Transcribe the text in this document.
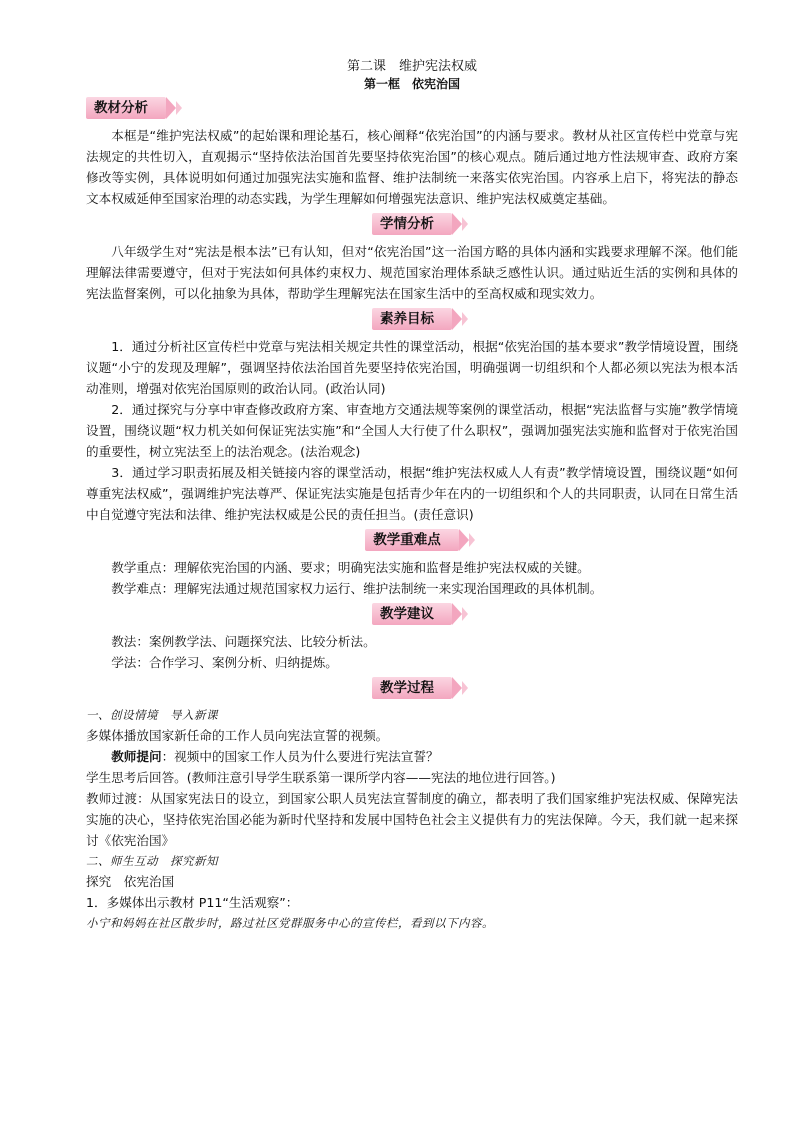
第二课　维护宪法权威
第一框　依宪治国
教材分析

本框是“维护宪法权威”的起始课和理论基石，核心阐释“依宪治国”的内涵与要求。教材从社区宣传栏中党章与宪法规定的共性切入，直观揭示“坚持依法治国首先要坚持依宪治国”的核心观点。随后通过地方性法规审查、政府方案修改等实例，具体说明如何通过加强宪法实施和监督、维护法制统一来落实依宪治国。内容承上启下，将宪法的静态文本权威延伸至国家治理的动态实践，为学生理解如何增强宪法意识、维护宪法权威奠定基础。

学情分析

八年级学生对“宪法是根本法”已有认知，但对“依宪治国”这一治国方略的具体内涵和实践要求理解不深。他们能理解法律需要遵守，但对于宪法如何具体约束权力、规范国家治理体系缺乏感性认识。通过贴近生活的实例和具体的宪法监督案例，可以化抽象为具体，帮助学生理解宪法在国家生活中的至高权威和现实效力。

素养目标

1．通过分析社区宣传栏中党章与宪法相关规定共性的课堂活动，根据“依宪治国的基本要求”教学情境设置，围绕议题“小宁的发现及理解”，强调坚持依法治国首先要坚持依宪治国，明确强调一切组织和个人都必须以宪法为根本活动准则，增强对依宪治国原则的政治认同。(政治认同)

2．通过探究与分享中审查修改政府方案、审查地方交通法规等案例的课堂活动，根据“宪法监督与实施”教学情境设置，围绕议题“权力机关如何保证宪法实施”和“全国人大行使了什么职权”，强调加强宪法实施和监督对于依宪治国的重要性，树立宪法至上的法治观念。(法治观念)

3．通过学习职责拓展及相关链接内容的课堂活动，根据“维护宪法权威人人有责”教学情境设置，围绕议题“如何尊重宪法权威”，强调维护宪法尊严、保证宪法实施是包括青少年在内的一切组织和个人的共同职责，认同在日常生活中自觉遵守宪法和法律、维护宪法权威是公民的责任担当。(责任意识)

教学重难点

教学重点：理解依宪治国的内涵、要求；明确宪法实施和监督是维护宪法权威的关键。

教学难点：理解宪法通过规范国家权力运行、维护法制统一来实现治国理政的具体机制。

教学建议

教法：案例教学法、问题探究法、比较分析法。

学法：合作学习、案例分析、归纳提炼。

教学过程

一、创设情境　导入新课

多媒体播放国家新任命的工作人员向宪法宣誓的视频。

教师提问：视频中的国家工作人员为什么要进行宪法宣誓？

学生思考后回答。(教师注意引导学生联系第一课所学内容——宪法的地位进行回答。)

教师过渡：从国家宪法日的设立，到国家公职人员宪法宣誓制度的确立，都表明了我们国家维护宪法权威、保障宪法实施的决心，坚持依宪治国必能为新时代坚持和发展中国特色社会主义提供有力的宪法保障。今天，我们就一起来探讨《依宪治国》

二、师生互动　探究新知

探究　依宪治国

1．多媒体出示教材 P11“生活观察”：

小宁和妈妈在社区散步时，路过社区党群服务中心的宣传栏，看到以下内容。
